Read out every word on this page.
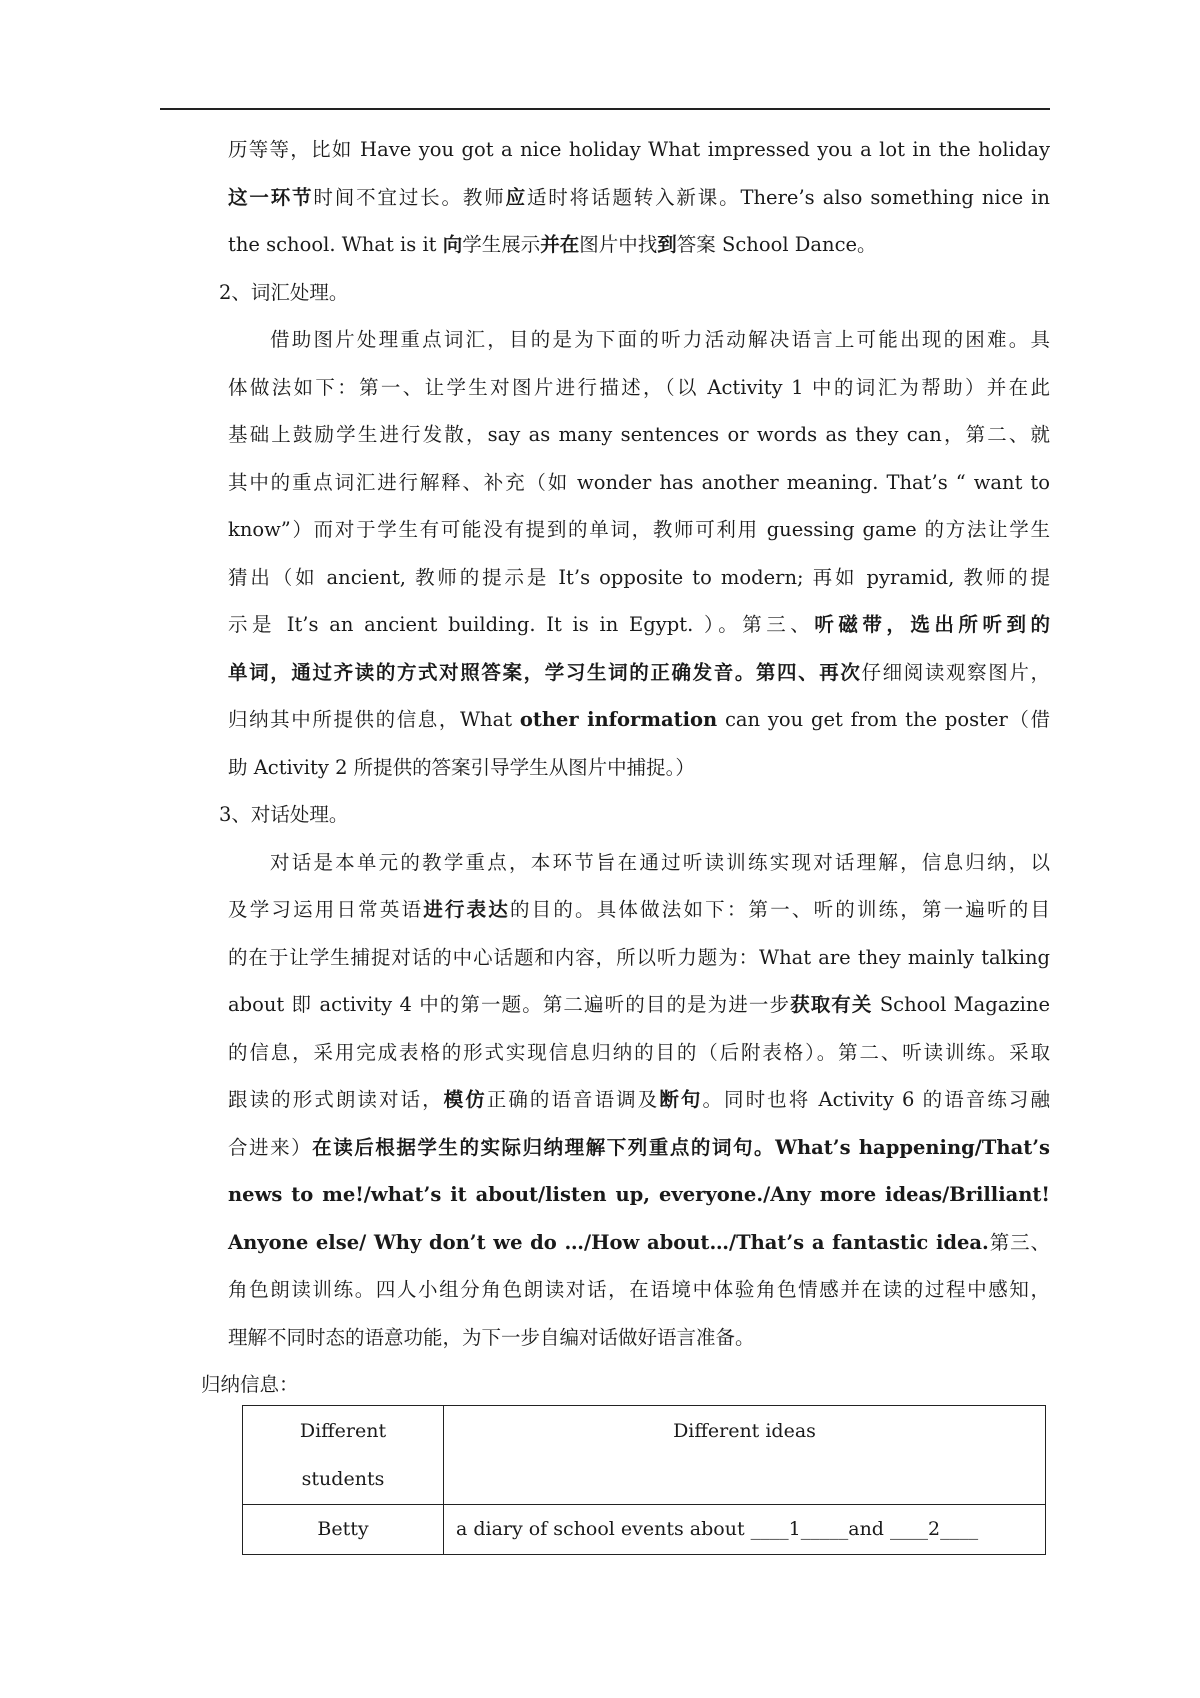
历等等，比如 Have you got a nice holiday What impressed you a lot in the holiday
这一环节时间不宜过长。教师应适时将话题转入新课。There’s also something nice in
the school. What is it 向学生展示并在图片中找到答案 School Dance。
2、词汇处理。
借助图片处理重点词汇，目的是为下面的听力活动解决语言上可能出现的困难。具
体做法如下：第一、让学生对图片进行描述，（以 Activity 1 中的词汇为帮助）并在此
基础上鼓励学生进行发散，say as many sentences or words as they can，第二、就
其中的重点词汇进行解释、补充（如 wonder has another meaning. That’s “ want to
know”）而对于学生有可能没有提到的单词，教师可利用 guessing game 的方法让学生
猜出（如 ancient, 教师的提示是 It’s opposite to modern; 再如 pyramid, 教师的提
示是 It’s an ancient building. It is in Egypt. ）。第三、听磁带，选出所听到的
单词，通过齐读的方式对照答案，学习生词的正确发音。第四、再次仔细阅读观察图片，
归纳其中所提供的信息，What other information can you get from the poster（借
助 Activity 2 所提供的答案引导学生从图片中捕捉。）
3、对话处理。
对话是本单元的教学重点，本环节旨在通过听读训练实现对话理解，信息归纳，以
及学习运用日常英语进行表达的目的。具体做法如下：第一、听的训练，第一遍听的目
的在于让学生捕捉对话的中心话题和内容，所以听力题为：What are they mainly talking
about 即 activity 4 中的第一题。第二遍听的目的是为进一步获取有关 School Magazine
的信息，采用完成表格的形式实现信息归纳的目的（后附表格）。第二、听读训练。采取
跟读的形式朗读对话，模仿正确的语音语调及断句。同时也将 Activity 6 的语音练习融
合进来）在读后根据学生的实际归纳理解下列重点的词句。What’s happening/That’s
news to me!/what’s it about/listen up, everyone./Any more ideas/Brilliant!
Anyone else/ Why don’t we do …/How about…/That’s a fantastic idea.第三、
角色朗读训练。四人小组分角色朗读对话，在语境中体验角色情感并在读的过程中感知，
理解不同时态的语意功能，为下一步自编对话做好语言准备。
归纳信息：
Different
students	Different ideas

Betty	a diary of school events about ____1_____and ____2____
